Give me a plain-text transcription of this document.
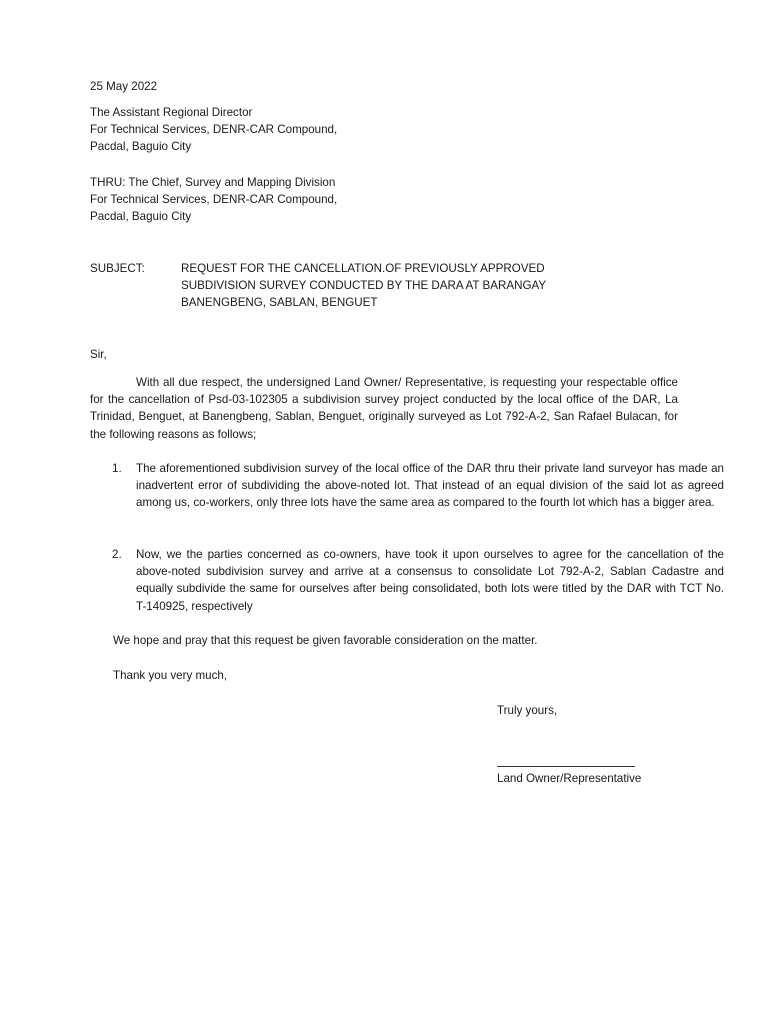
25 May 2022
The Assistant Regional Director
For Technical Services, DENR-CAR Compound,
Pacdal, Baguio City
THRU: The Chief, Survey and Mapping Division
For Technical Services, DENR-CAR Compound,
Pacdal, Baguio City
SUBJECT:	REQUEST FOR THE CANCELLATION.OF PREVIOUSLY APPROVED
SUBDIVISION SURVEY CONDUCTED BY THE DARA AT BARANGAY
BANENGBENG, SABLAN, BENGUET
Sir,
With all due respect, the undersigned Land Owner/ Representative, is requesting your respectable office for the cancellation of Psd-03-102305 a subdivision survey project conducted by the local office of the DAR, La Trinidad, Benguet, at Banengbeng, Sablan, Benguet, originally surveyed as Lot 792-A-2, San Rafael Bulacan, for the following reasons as follows;
1. The aforementioned subdivision survey of the local office of the DAR thru their private land surveyor has made an inadvertent error of subdividing the above-noted lot. That instead of an equal division of the said lot as agreed among us, co-workers, only three lots have the same area as compared to the fourth lot which has a bigger area.
2. Now, we the parties concerned as co-owners, have took it upon ourselves to agree for the cancellation of the above-noted subdivision survey and arrive at a consensus to consolidate Lot 792-A-2, Sablan Cadastre and equally subdivide the same for ourselves after being consolidated, both lots were titled by the DAR with TCT No. T-140925, respectively
We hope and pray that this request be given favorable consideration on the matter.
Thank you very much,
Truly yours,
Land Owner/Representative
